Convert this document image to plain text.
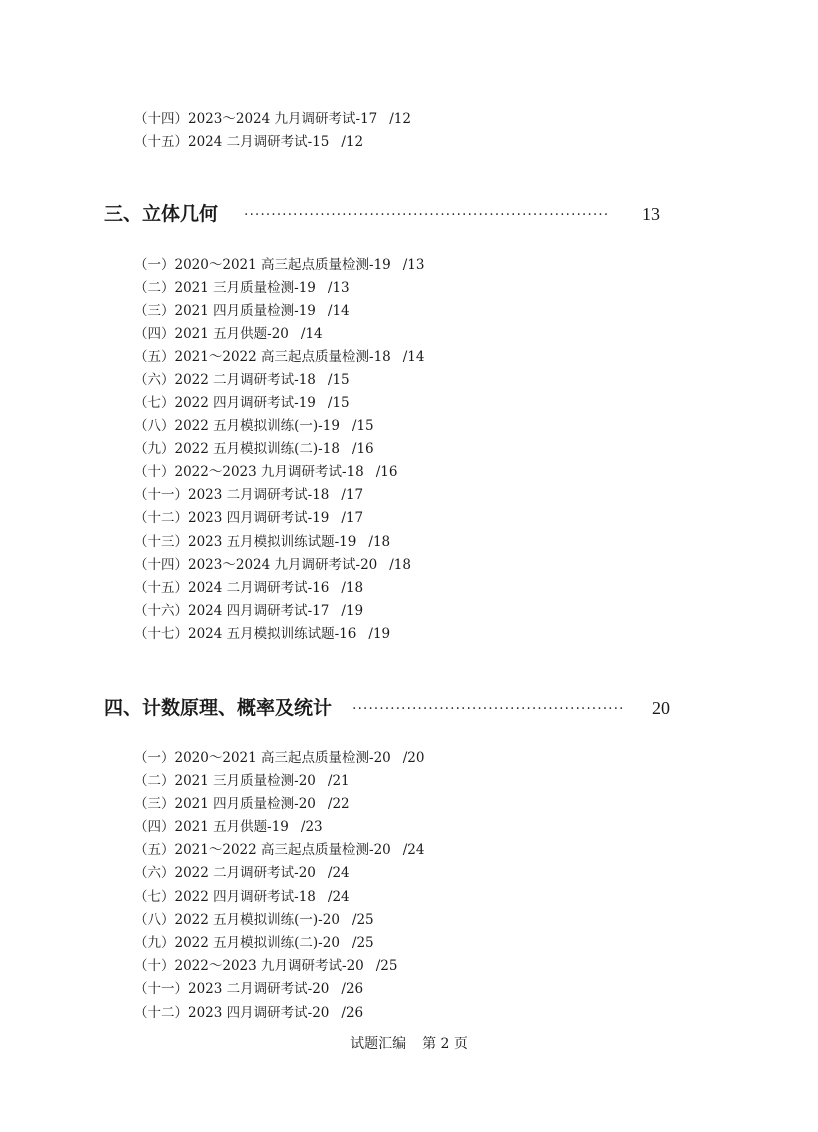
（十四）2023～2024 九月调研考试-17 /12
（十五）2024 二月调研考试-15 /12
三、立体几何 ···································································	13
（一）2020～2021 高三起点质量检测-19 /13
（二）2021 三月质量检测-19 /13
（三）2021 四月质量检测-19 /14
（四）2021 五月供题-20 /14
（五）2021～2022 高三起点质量检测-18 /14
（六）2022 二月调研考试-18 /15
（七）2022 四月调研考试-19 /15
（八）2022 五月模拟训练(一)-19 /15
（九）2022 五月模拟训练(二)-18 /16
（十）2022～2023 九月调研考试-18 /16
（十一）2023 二月调研考试-18 /17
（十二）2023 四月调研考试-19 /17
（十三）2023 五月模拟训练试题-19 /18
（十四）2023～2024 九月调研考试-20 /18
（十五）2024 二月调研考试-16 /18
（十六）2024 四月调研考试-17 /19
（十七）2024 五月模拟训练试题-16 /19
四、计数原理、概率及统计 ··················································	20
（一）2020～2021 高三起点质量检测-20 /20
（二）2021 三月质量检测-20 /21
（三）2021 四月质量检测-20 /22
（四）2021 五月供题-19 /23
（五）2021～2022 高三起点质量检测-20 /24
（六）2022 二月调研考试-20 /24
（七）2022 四月调研考试-18 /24
（八）2022 五月模拟训练(一)-20 /25
（九）2022 五月模拟训练(二)-20 /25
（十）2022～2023 九月调研考试-20 /25
（十一）2023 二月调研考试-20 /26
（十二）2023 四月调研考试-20 /26
试题汇编 第 2 页
